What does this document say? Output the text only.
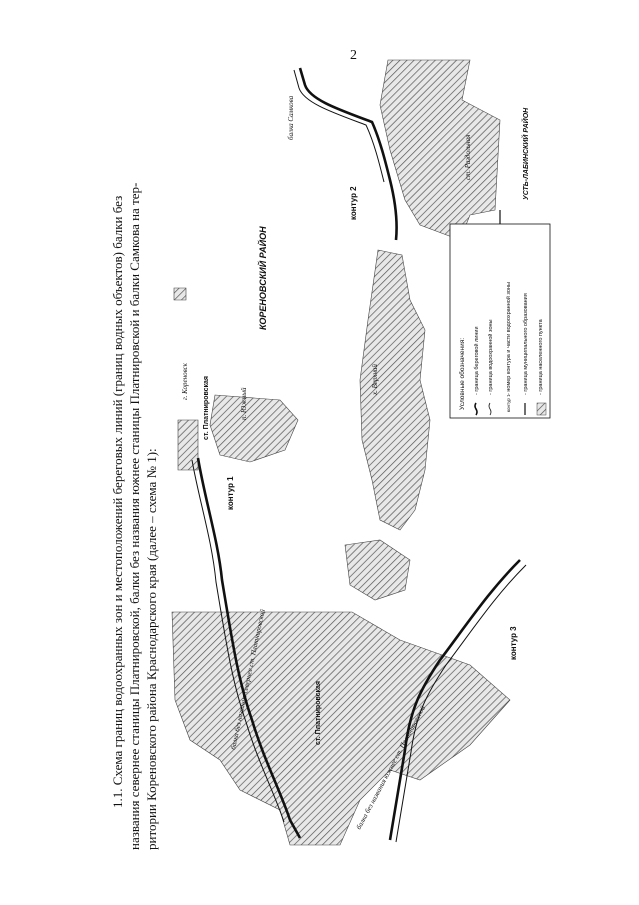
2
1.1. Схема границ водоохранных зон и местоположений береговых линий (границ водных объектов) балки без названия севернее станицы Платнировской, балки без названия южнее станицы Платнировской и балки Самкова на тер- ритории Кореновского района Краснодарского края (далее – схема № 1):
Условные обозначения: - граница береговой линии - граница водоохранной зоны - номер контура и части водоохранной зоны - граница муниципального образования - граница населенного пункта
контур 1
КОРЕНОВСКИЙ РАЙОН
УСТЬ-ЛАБИНСКИЙ РАЙОН
г. Кореновск
п. Южный
х. Верхний
ст. Раздольная
ст. Платнировская
ст. Платнировская
балка Самкова
балка без названия севернее ст. Платнировской
балка без названия южнее ст. Платнировской
контур 1
контур 2
контур 3
